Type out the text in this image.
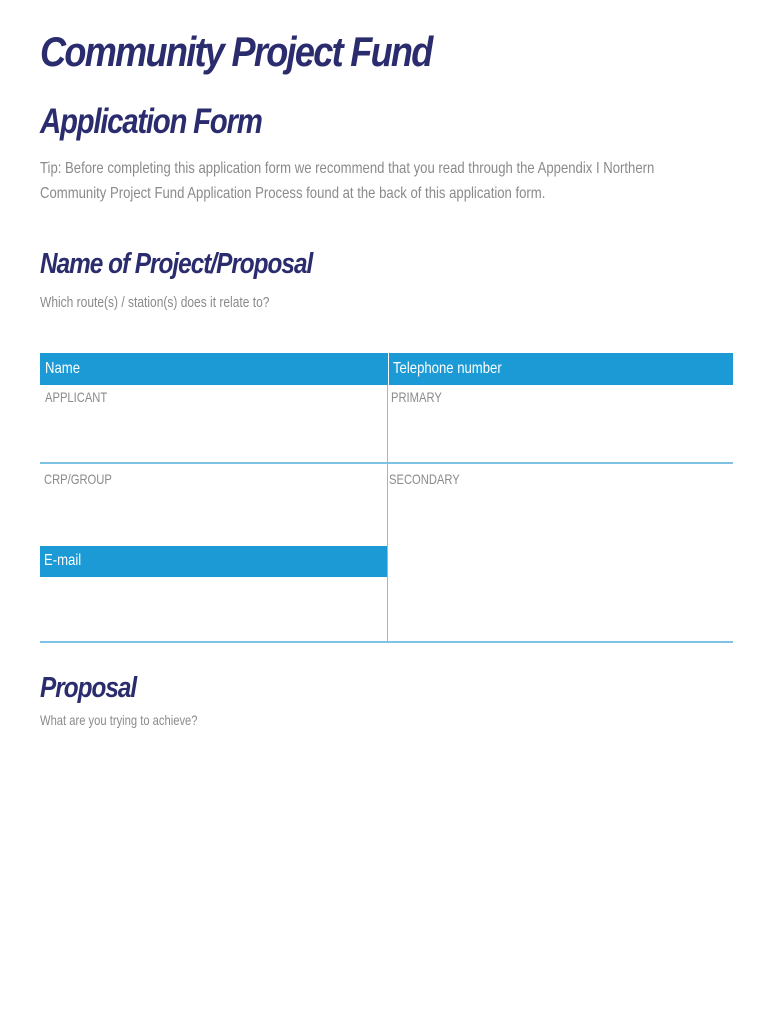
Community Project Fund
Application Form
Tip: Before completing this application form we recommend that you read through the Appendix I Northern Community Project Fund Application Process found at the back of this application form.
Name of Project/Proposal
Which route(s) / station(s) does it relate to?
Name	Telephone number
APPLICANT	PRIMARY
CRP/GROUP	SECONDARY
E-mail
Proposal
What are you trying to achieve?
